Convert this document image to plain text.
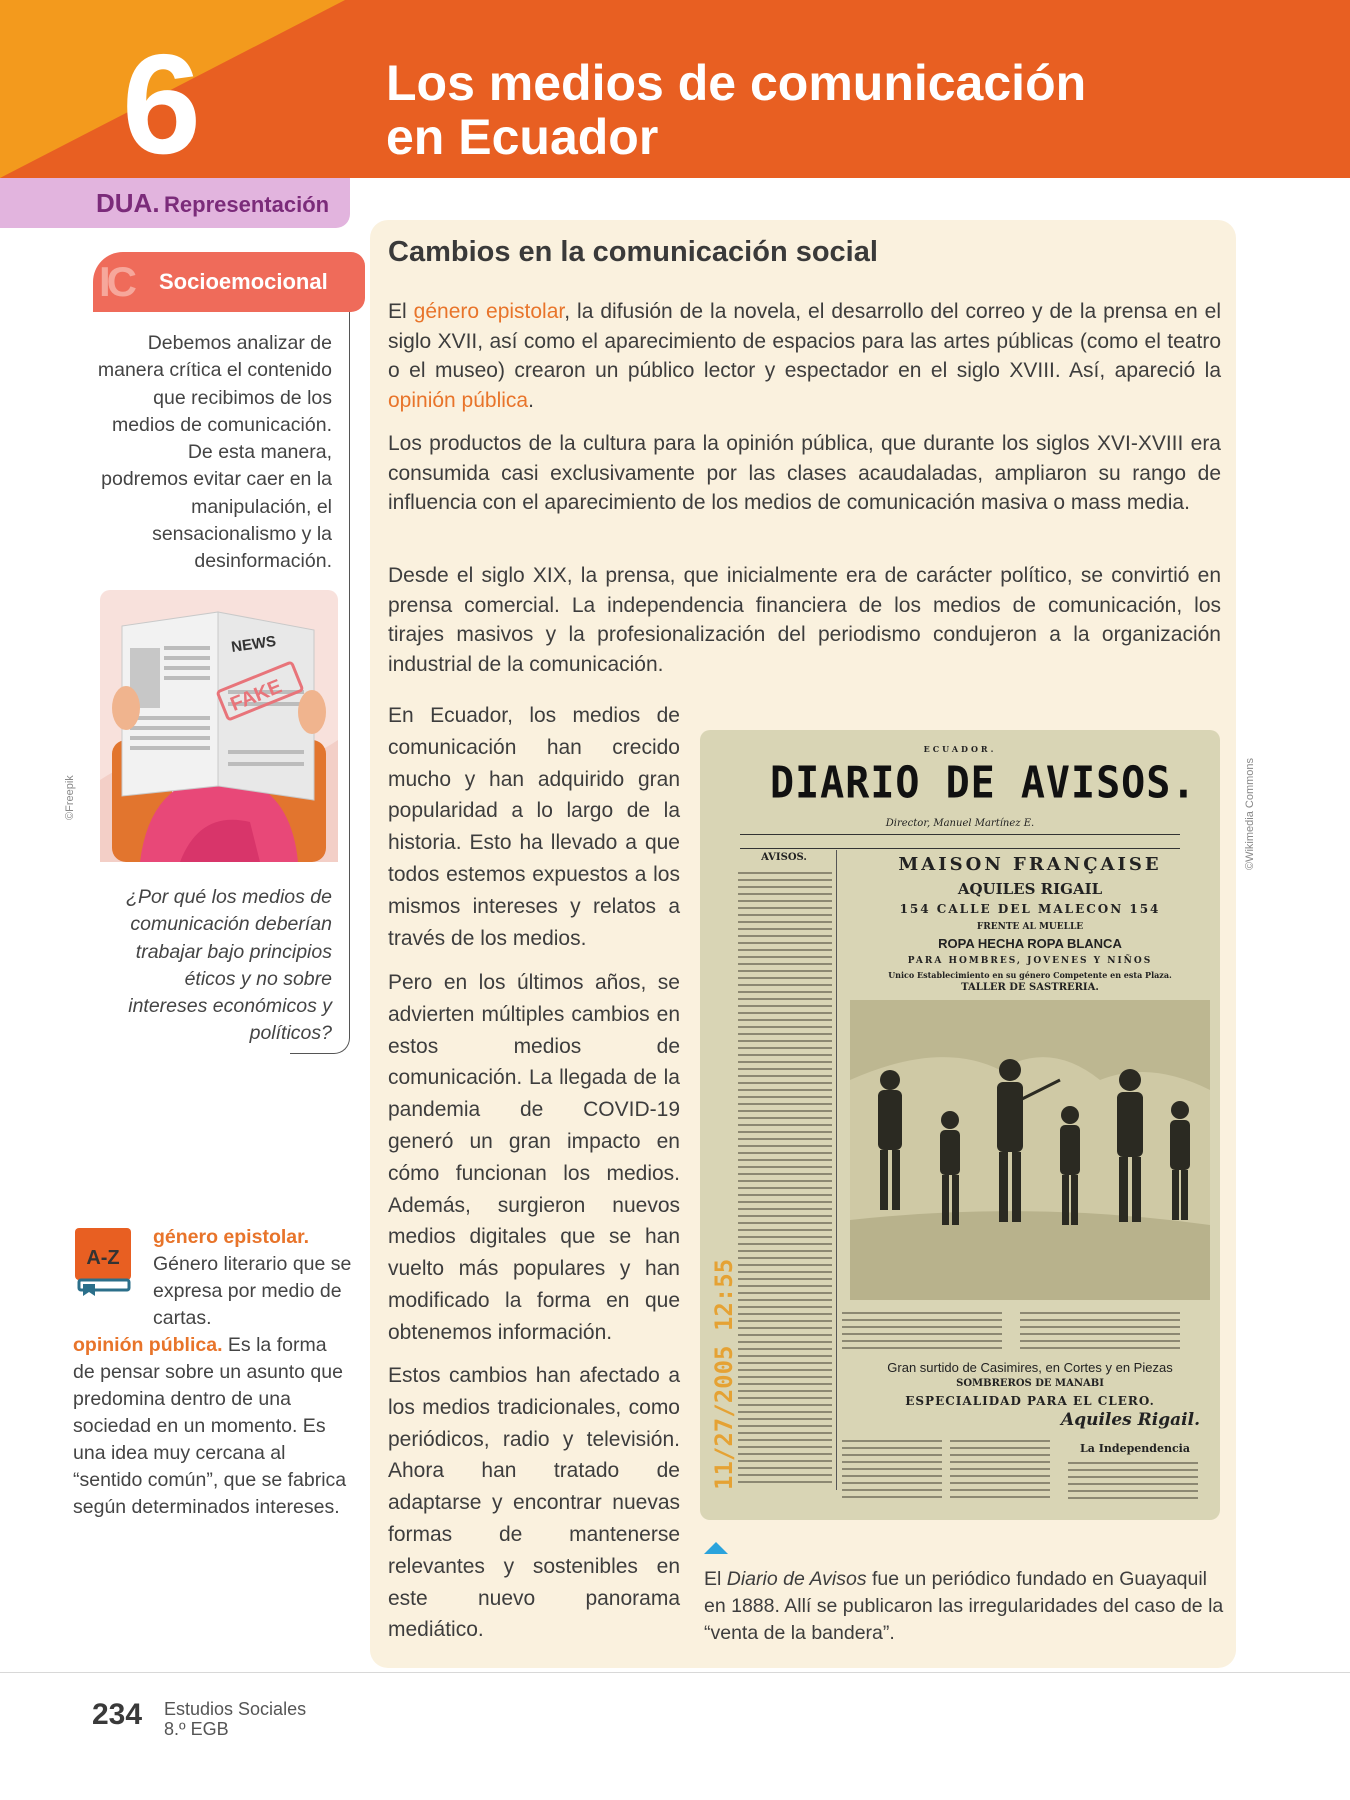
6	Los medios de comunicación
en Ecuador
DUA. Representación
IC Socioemocional

Debemos analizar de manera crítica el contenido que recibimos de los medios de comunicación. De esta manera, podremos evitar caer en la manipulación, el sensacionalismo y la desinformación.

NEWS
FAKE
©Freepik

¿Por qué los medios de comunicación deberían trabajar bajo principios éticos y no sobre intereses económicos y políticos?

A-Z

género epistolar. Género literario que se expresa por medio de cartas.

opinión pública. Es la forma de pensar sobre un asunto que predomina dentro de una sociedad en un momento. Es una idea muy cercana al “sentido común”, que se fabrica según determinados intereses.

Cambios en la comunicación social

El género epistolar, la difusión de la novela, el desarrollo del correo y de la prensa en el siglo XVII, así como el aparecimiento de espacios para las artes públicas (como el teatro o el museo) crearon un público lector y espectador en el siglo XVIII. Así, apareció la opinión pública.

Los productos de la cultura para la opinión pública, que durante los siglos XVI-XVIII era consumida casi exclusivamente por las clases acaudaladas, ampliaron su rango de influencia con el aparecimiento de los medios de comunicación masiva o mass media.

Desde el siglo XIX, la prensa, que inicialmente era de carácter político, se convirtió en prensa comercial. La independencia financiera de los medios de comunicación, los tirajes masivos y la profesionalización del periodismo condujeron a la organización industrial de la comunicación.

En Ecuador, los medios de comunicación han crecido mucho y han adquirido gran popularidad a lo largo de la historia. Esto ha llevado a que todos estemos expuestos a los mismos intereses y relatos a través de los medios.

Pero en los últimos años, se advierten múltiples cambios en estos medios de comunicación. La llegada de la pandemia de COVID-19 generó un gran impacto en cómo funcionan los medios. Además, surgieron nuevos medios digitales que se han vuelto más populares y han modificado la forma en que obtenemos información.

Estos cambios han afectado a los medios tradicionales, como periódicos, radio y televisión. Ahora han tratado de adaptarse y encontrar nuevas formas de mantenerse relevantes y sostenibles en este nuevo panorama mediático.

ECUADOR.
DIARIO DE AVISOS.
Director, Manuel Martínez E.
AVISOS.	MAISON FRANÇAISE
AQUILES RIGAIL
154 CALLE DEL MALECON 154
FRENTE AL MUELLE
ROPA HECHA ROPA BLANCA
PARA HOMBRES, JOVENES Y NIÑOS
Unico Establecimiento en su género Competente en esta Plaza.
TALLER DE SASTRERIA.
Gran surtido de Casimires, en Cortes y en Piezas
SOMBREROS DE MANABI
ESPECIALIDAD PARA EL CLERO.
Aquiles Rigail.
La Independencia
11/27/2005 12:55
©Wikimedia Commons

El Diario de Avisos fue un periódico fundado en Guayaquil en 1888. Allí se publicaron las irregularidades del caso de la “venta de la bandera”.

234 Estudios Sociales
8.º EGB
